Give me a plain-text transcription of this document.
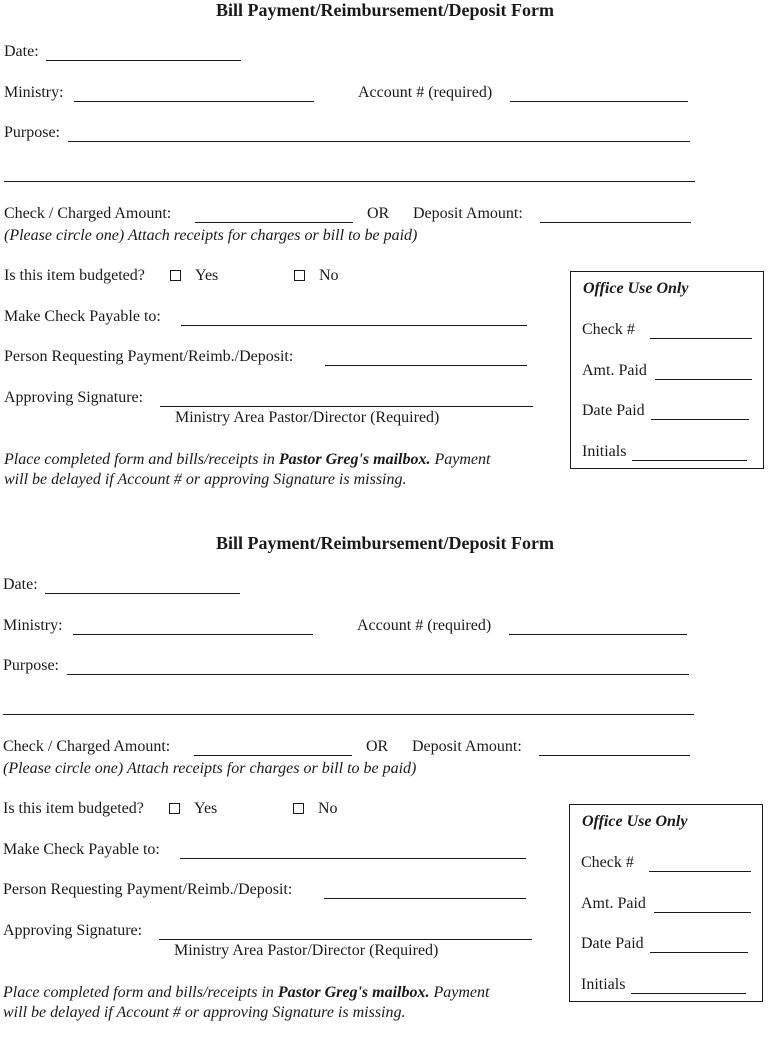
Bill Payment/Reimbursement/Deposit Form
Date:
Ministry:	Account # (required)
Purpose:
Check / Charged Amount:	OR Deposit Amount:
(Please circle one) Attach receipts for charges or bill to be paid)
Is this item budgeted?	Yes	No
Make Check Payable to:
Person Requesting Payment/Reimb./Deposit:
Approving Signature:
Ministry Area Pastor/Director (Required)
Place completed form and bills/receipts in Pastor Greg's mailbox. Payment
will be delayed if Account # or approving Signature is missing.
Office Use Only
Check #
Amt. Paid
Date Paid
Initials
Bill Payment/Reimbursement/Deposit Form
Date:
Ministry:	Account # (required)
Purpose:
Check / Charged Amount:	OR Deposit Amount:
(Please circle one) Attach receipts for charges or bill to be paid)
Is this item budgeted?	Yes	No
Make Check Payable to:
Person Requesting Payment/Reimb./Deposit:
Approving Signature:
Ministry Area Pastor/Director (Required)
Place completed form and bills/receipts in Pastor Greg's mailbox. Payment
will be delayed if Account # or approving Signature is missing.
Office Use Only
Check #
Amt. Paid
Date Paid
Initials
